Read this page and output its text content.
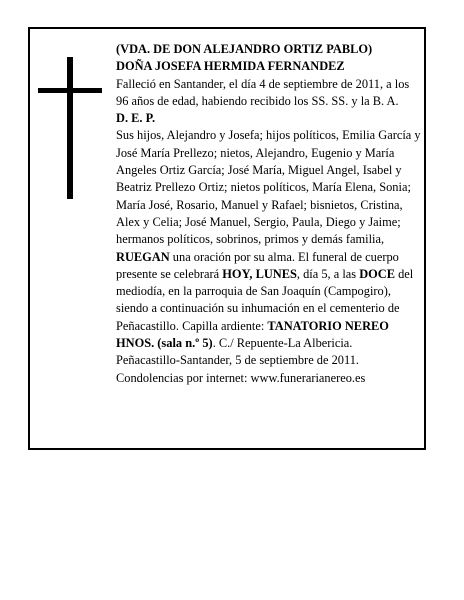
(VDA. DE DON ALEJANDRO ORTIZ PABLO)

DOÑA JOSEFA HERMIDA FERNANDEZ

Falleció en Santander, el día 4 de septiembre de 2011, a los 96 años de edad, habiendo recibido los SS. SS. y la B. A.

D. E. P.

Sus hijos, Alejandro y Josefa; hijos políticos, Emilia García y José María Prellezo; nietos, Alejandro, Eugenio y María Angeles Ortiz García; José María, Miguel Angel, Isabel y Beatriz Prellezo Ortiz; nietos políticos, María Elena, Sonia; María José, Rosario, Manuel y Rafael; bisnietos, Cristina, Alex y Celia; José Manuel, Sergio, Paula, Diego y Jaime; hermanos políticos, sobrinos, primos y demás familia,

RUEGAN una oración por su alma. El funeral de cuerpo presente se celebrará HOY, LUNES, día 5, a las DOCE del mediodía, en la parroquia de San Joaquín (Campogiro), siendo a continuación su inhumación en el cementerio de Peñacastillo. Capilla ardiente: TANATORIO NEREO HNOS. (sala n.º 5). C./ Repuente-La Albericia.

Peñacastillo-Santander, 5 de septiembre de 2011.

Condolencias por internet: www.funerarianereo.es
